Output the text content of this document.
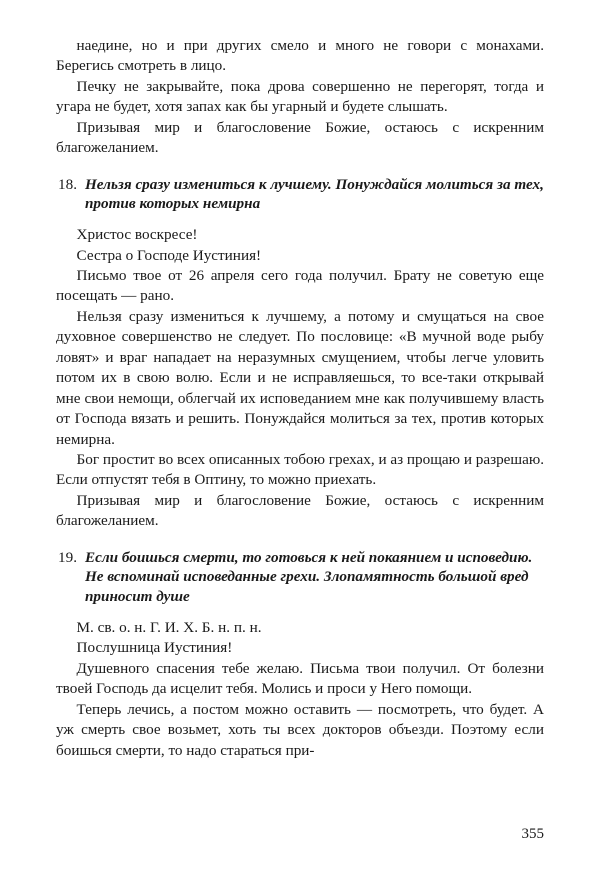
наедине, но и при других смело и много не говори с монахами. Берегись смотреть в лицо.

Печку не закрывайте, пока дрова совершенно не перегорят, тогда и угара не будет, хотя запах как бы угарный и будете слышать.

Призывая мир и благословение Божие, остаюсь с искренним благожеланием.

18. Нельзя сразу измениться к лучшему. Понуждайся молиться за тех, против которых немирна

Христос воскресе!

Сестра о Господе Иустиния!

Письмо твое от 26 апреля сего года получил. Брату не советую еще посещать — рано.

Нельзя сразу измениться к лучшему, а потому и смущаться на свое духовное совершенство не следует. По пословице: «В мучной воде рыбу ловят» и враг нападает на неразумных смущением, чтобы легче уловить потом их в свою волю. Если и не исправляешься, то все-таки открывай мне свои немощи, облегчай их исповеданием мне как получившему власть от Господа вязать и решить. Понуждайся молиться за тех, против которых немирна.

Бог простит во всех описанных тобою грехах, и аз прощаю и разрешаю. Если отпустят тебя в Оптину, то можно приехать.

Призывая мир и благословение Божие, остаюсь с искренним благожеланием.

19. Если боишься смерти, то готовься к ней покаянием и исповедию. Не вспоминай исповеданные грехи. Злопамятность большой вред приносит душе

М. св. о. н. Г. И. Х. Б. н. п. н.

Послушница Иустиния!

Душевного спасения тебе желаю. Письма твои получил. От болезни твоей Господь да исцелит тебя. Молись и проси у Него помощи.

Теперь лечись, а постом можно оставить — посмотреть, что будет. А уж смерть свое возьмет, хоть ты всех докторов объезди. Поэтому если боишься смерти, то надо стараться при-

355
